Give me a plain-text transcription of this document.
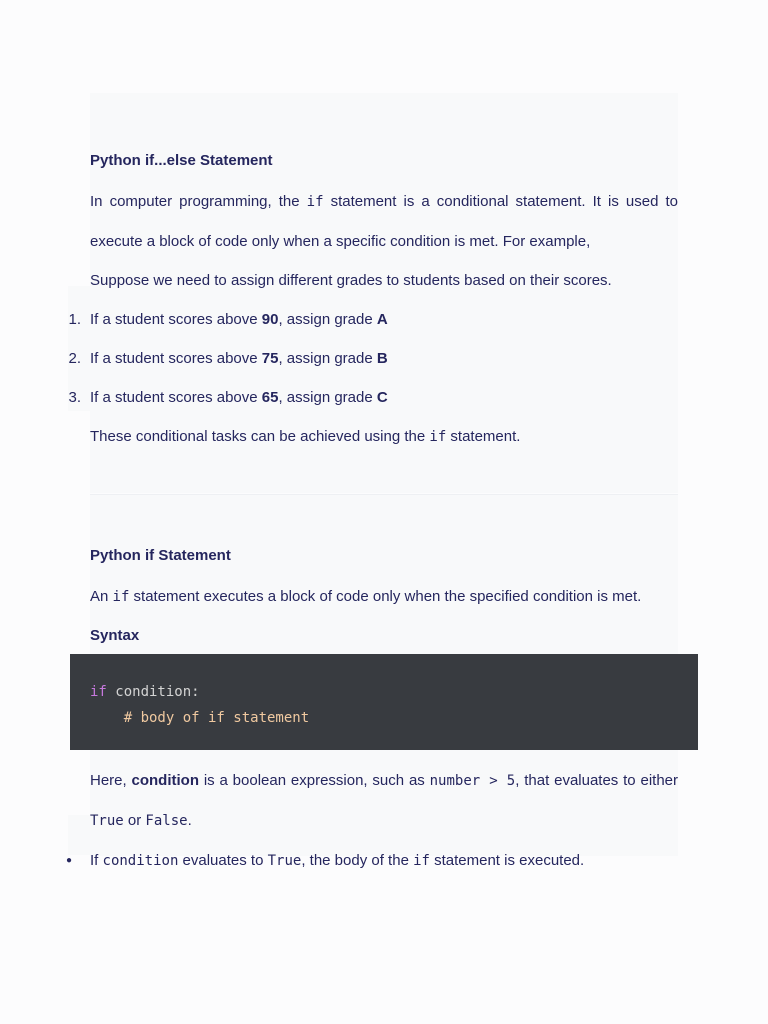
Python if...else Statement

In computer programming, the if statement is a conditional statement. It is used to execute a block of code only when a specific condition is met. For example,

Suppose we need to assign different grades to students based on their scores.

1. If a student scores above 90, assign grade A
2. If a student scores above 75, assign grade B
3. If a student scores above 65, assign grade C

These conditional tasks can be achieved using the if statement.

Python if Statement

An if statement executes a block of code only when the specified condition is met.

Syntax
if condition:
# body of if statement

Here, condition is a boolean expression, such as number > 5, that evaluates to either True or False.

● If condition evaluates to True, the body of the if statement is executed.
